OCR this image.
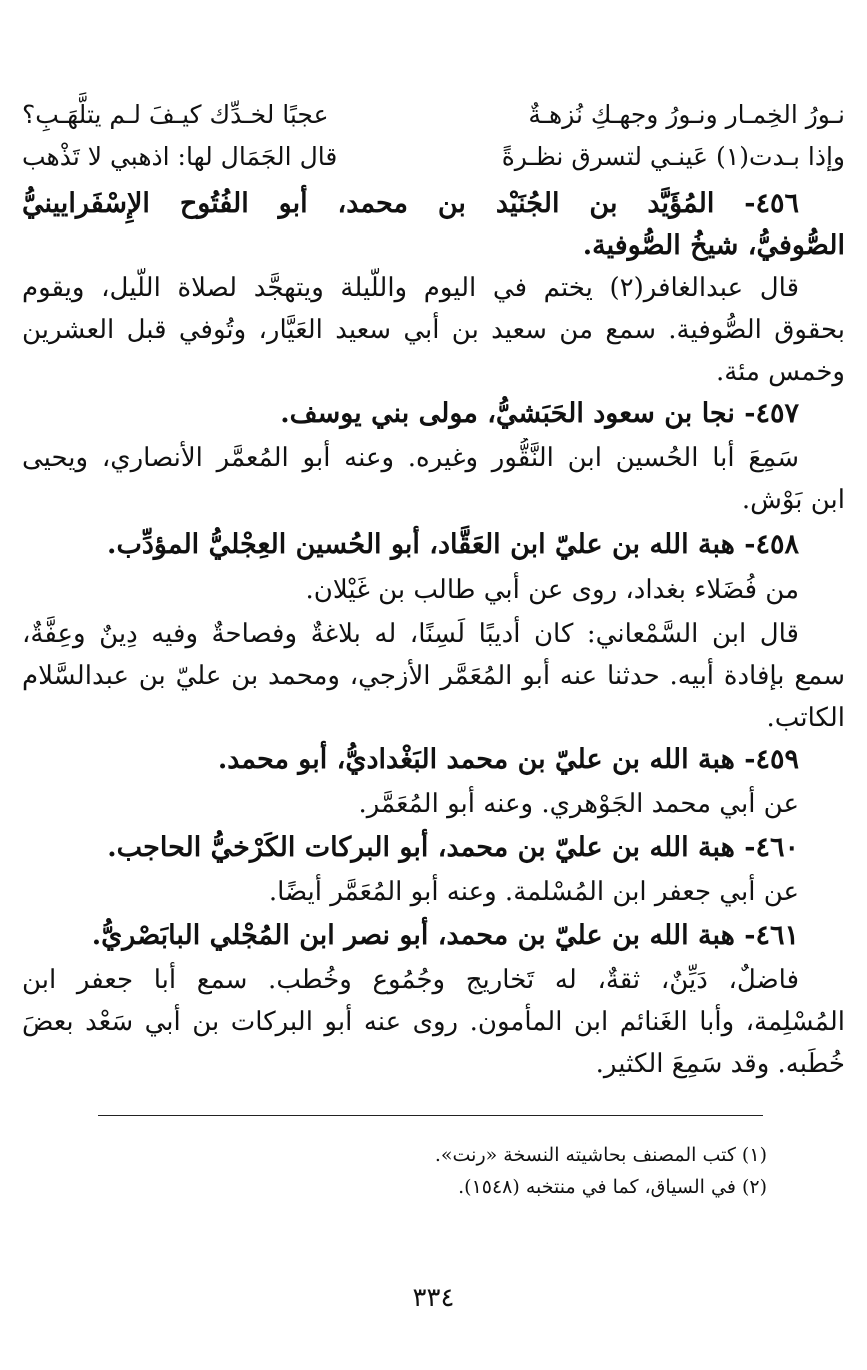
نـورُ الخِمـار ونـورُ وجهـكِ نُزهـةٌ
عجبًا لخـدِّك كيـفَ لـم يتلَّهَـبِ؟
وإذا بـدت(١) عَينـي لتسرق نظـرةً
قال الجَمَال لها: اذهبي لا تَذْهب
٤٥٦- المُؤَيَّد بن الجُنَيْد بن محمد، أبو الفُتُوح الإِسْفَرايينيُّ
الصُّوفيُّ، شيخُ الصُّوفية.
قال عبدالغافر(٢) يختم في اليوم واللَّيلة ويتهجَّد لصلاة اللَّيل، ويقوم
بحقوق الصُّوفية. سمع من سعيد بن أبي سعيد العَيَّار، وتُوفي قبل العشرين
وخمس مئة.
٤٥٧- نجا بن سعود الحَبَشيُّ، مولى بني يوسف.
سَمِعَ أبا الحُسين ابن النَّقُّور وغيره. وعنه أبو المُعمَّر الأنصاري، ويحيى
ابن بَوْش.
٤٥٨- هبة الله بن عليّ ابن العَقَّاد، أبو الحُسين العِجْليُّ المؤدِّب.
من فُضَلاء بغداد، روى عن أبي طالب بن غَيْلان.
قال ابن السَّمْعاني: كان أديبًا لَسِنًا، له بلاغةٌ وفصاحةٌ وفيه دِينٌ وعِفَّةٌ،
سمع بإفادة أبيه. حدثنا عنه أبو المُعَمَّر الأزجي، ومحمد بن عليّ بن عبدالسَّلام
الكاتب.
٤٥٩- هبة الله بن عليّ بن محمد البَغْداديُّ، أبو محمد.
عن أبي محمد الجَوْهري. وعنه أبو المُعَمَّر.
٤٦٠- هبة الله بن عليّ بن محمد، أبو البركات الكَرْخيُّ الحاجب.
عن أبي جعفر ابن المُسْلمة. وعنه أبو المُعَمَّر أيضًا.
٤٦١- هبة الله بن عليّ بن محمد، أبو نصر ابن المُجْلي البابَصْريُّ.
فاضلٌ، دَيِّنٌ، ثقةٌ، له تَخاريج وجُمُوع وخُطب. سمع أبا جعفر ابن
المُسْلِمة، وأبا الغَنائم ابن المأمون. روى عنه أبو البركات بن أبي سَعْد بعضَ
خُطَبه. وقد سَمِعَ الكثير.
(١) كتب المصنف بحاشيته النسخة «رنت».
(٢) في السياق، كما في منتخبه (١٥٤٨).
٣٣٤
